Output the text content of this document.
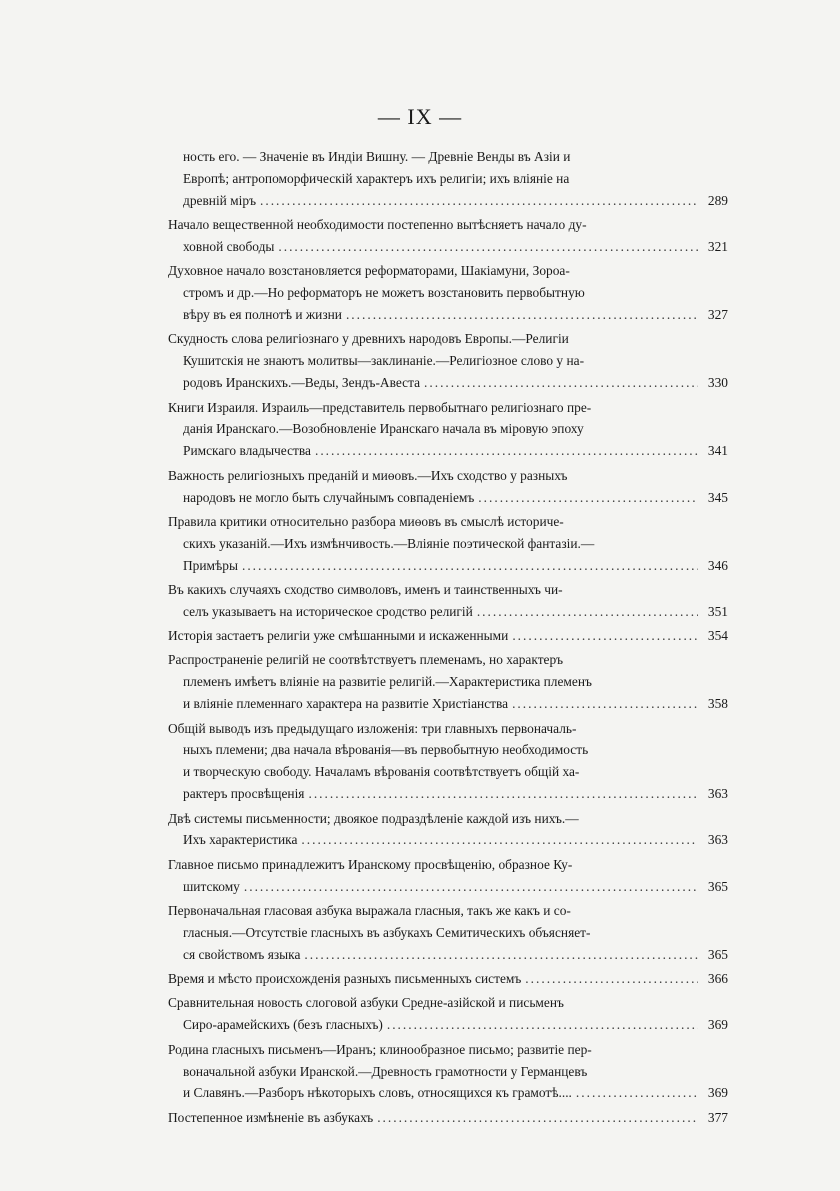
— IX —
ность его. — Значеніе въ Индіи Вишну. — Древніе Венды въ Азіи и
Европѣ; антропоморфическій характеръ ихъ религіи; ихъ вліяніе на
древній міръ .....	289
Начало вещественной необходимости постепенно вытѣсняетъ начало ду-
ховной свободы .....	321
Духовное начало возстановляется реформаторами, Шакіамуни, Зороа-
стромъ и др.—Но реформаторъ не можетъ возстановить первобытную
вѣру въ ея полнотѣ и жизни .....	327
Скудность слова религіознаго у древнихъ народовъ Европы.—Религіи
Кушитскія не знаютъ молитвы—заклинаніе.—Религіозное слово у на-
родовъ Иранскихъ.—Веды, Зендъ-Авеста .....	330
Книги Израиля. Израиль—представитель первобытнаго религіознаго пре-
данія Иранскаго.—Возобновленіе Иранскаго начала въ міровую эпоху
Римскаго владычества .....	341
Важность религіозныхъ преданій и миѳовъ.—Ихъ сходство у разныхъ
народовъ не могло быть случайнымъ совпаденіемъ .....	345
Правила критики относительно разбора миѳовъ въ смыслѣ историче-
скихъ указаній.—Ихъ измѣнчивость.—Вліяніе поэтической фантазіи.—
Примѣры .....	346
Въ какихъ случаяхъ сходство символовъ, именъ и таинственныхъ чи-
селъ указываетъ на историческое сродство религій .....	351
Исторія застаетъ религіи уже смѣшанными и искаженными .....	354
Распространеніе религій не соотвѣтствуетъ племенамъ, но характеръ
племенъ имѣетъ вліяніе на развитіе религій.—Характеристика племенъ
и вліяніе племеннаго характера на развитіе Христіанства .....	358
Общій выводъ изъ предыдущаго изложенія: три главныхъ первоначаль-
ныхъ племени; два начала вѣрованія—въ первобытную необходимость
и творческую свободу. Началамъ вѣрованія соотвѣтствуетъ общій ха-
рактеръ просвѣщенія .....	363
Двѣ системы письменности; двоякое подраздѣленіе каждой изъ нихъ.—
Ихъ характеристика .....	363
Главное письмо принадлежитъ Иранскому просвѣщенію, образное Ку-
шитскому .....	365
Первоначальная гласовая азбука выражала гласныя, такъ же какъ и со-
гласныя.—Отсутствіе гласныхъ въ азбукахъ Семитическихъ объясняет-
ся свойствомъ языка .....	365
Время и мѣсто происхожденія разныхъ письменныхъ системъ .....	366
Сравнительная новость слоговой азбуки Средне-азійской и письменъ
Сиро-арамейскихъ (безъ гласныхъ) .....	369
Родина гласныхъ письменъ—Иранъ; клинообразное письмо; развитіе пер-
воначальной азбуки Иранской.—Древность грамотности у Германцевъ
и Славянъ.—Разборъ нѣкоторыхъ словъ, относящихся къ грамотѣ.... .....	369
Постепенное измѣненіе въ азбукахъ .....	377
